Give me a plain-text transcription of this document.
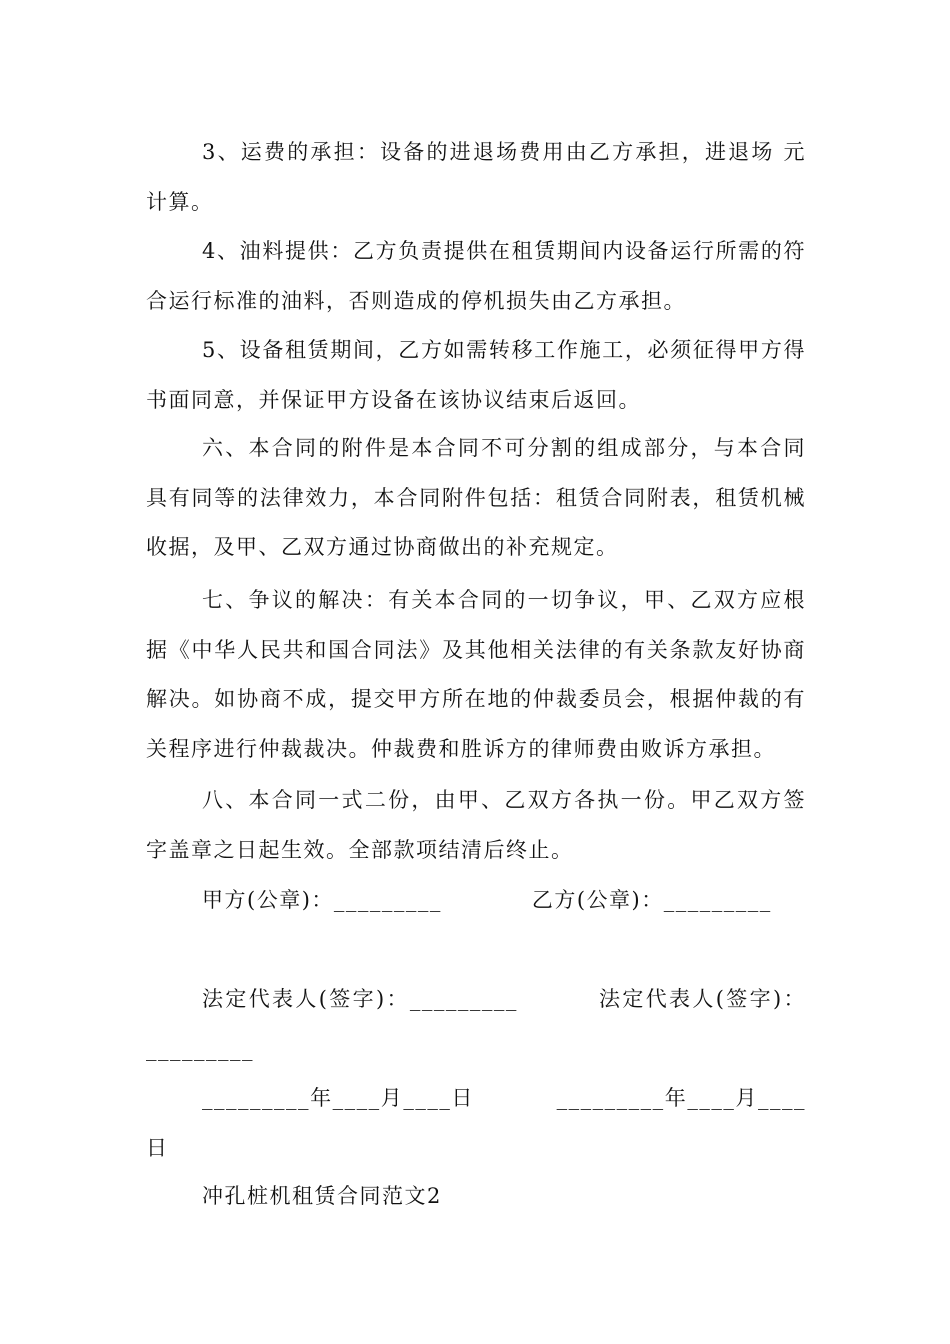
3、运费的承担：设备的进退场费用由乙方承担，进退场 元计算。

4、油料提供：乙方负责提供在租赁期间内设备运行所需的符合运行标准的油料，否则造成的停机损失由乙方承担。

5、设备租赁期间，乙方如需转移工作施工，必须征得甲方得书面同意，并保证甲方设备在该协议结束后返回。

六、本合同的附件是本合同不可分割的组成部分，与本合同具有同等的法律效力，本合同附件包括：租赁合同附表，租赁机械收据，及甲、乙双方通过协商做出的补充规定。

七、争议的解决：有关本合同的一切争议，甲、乙双方应根据《中华人民共和国合同法》及其他相关法律的有关条款友好协商解决。如协商不成，提交甲方所在地的仲裁委员会，根据仲裁的有关程序进行仲裁裁决。仲裁费和胜诉方的律师费由败诉方承担。

八、本合同一式二份，由甲、乙双方各执一份。甲乙双方签字盖章之日起生效。全部款项结清后终止。

甲方(公章)：_________           乙方(公章)：_________

法定代表人(签字)：_________         法定代表人(签字)：_________

_________年____月____日          _________年____月____日

冲孔桩机租赁合同范文2
